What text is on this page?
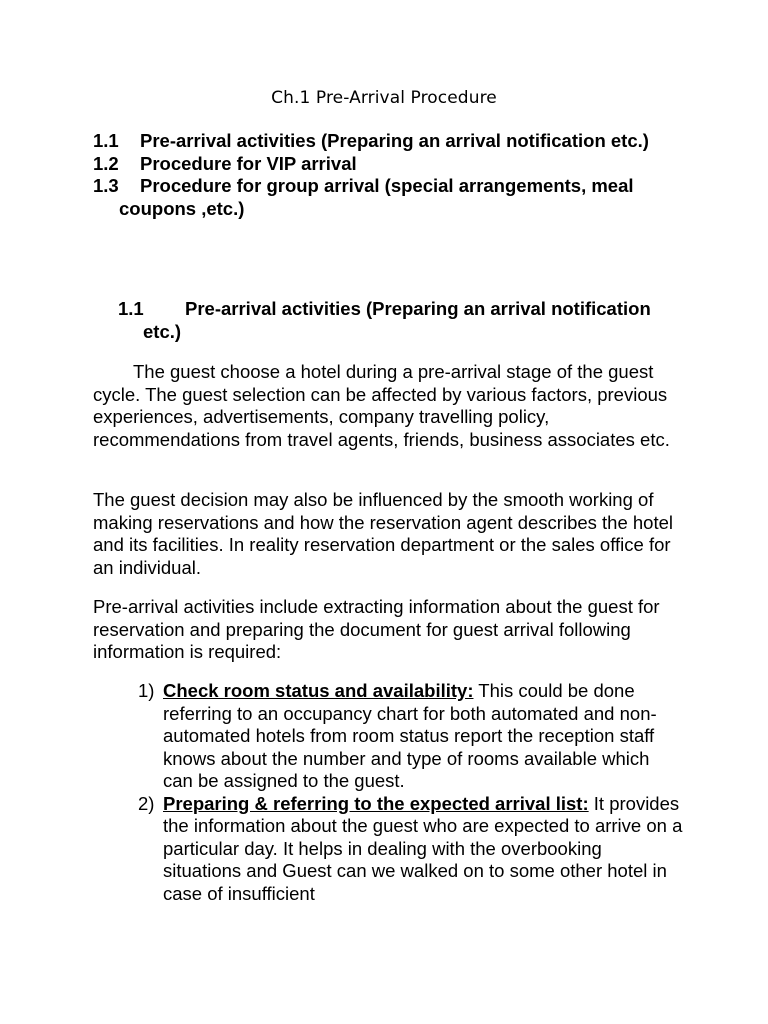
Ch.1 Pre-Arrival Procedure

1.1 Pre-arrival activities (Preparing an arrival notification etc.)

1.2 Procedure for VIP arrival

1.3 Procedure for group arrival (special arrangements, meal coupons ,etc.)

1.1 Pre-arrival activities (Preparing an arrival notification etc.)

The guest choose a hotel during a pre-arrival stage of the guest cycle. The guest selection can be affected by various factors, previous experiences, advertisements, company travelling policy, recommendations from travel agents, friends, business associates etc.

The guest decision may also be influenced by the smooth working of making reservations and how the reservation agent describes the hotel and its facilities. In reality reservation department or the sales office for an individual.

Pre-arrival activities include extracting information about the guest for reservation and preparing the document for guest arrival following information is required:

1) Check room status and availability: This could be done referring to an occupancy chart for both automated and non-automated hotels from room status report the reception staff knows about the number and type of rooms available which can be assigned to the guest.
2) Preparing & referring to the expected arrival list: It provides the information about the guest who are expected to arrive on a particular day. It helps in dealing with the overbooking situations and Guest can we walked on to some other hotel in case of insufficient
